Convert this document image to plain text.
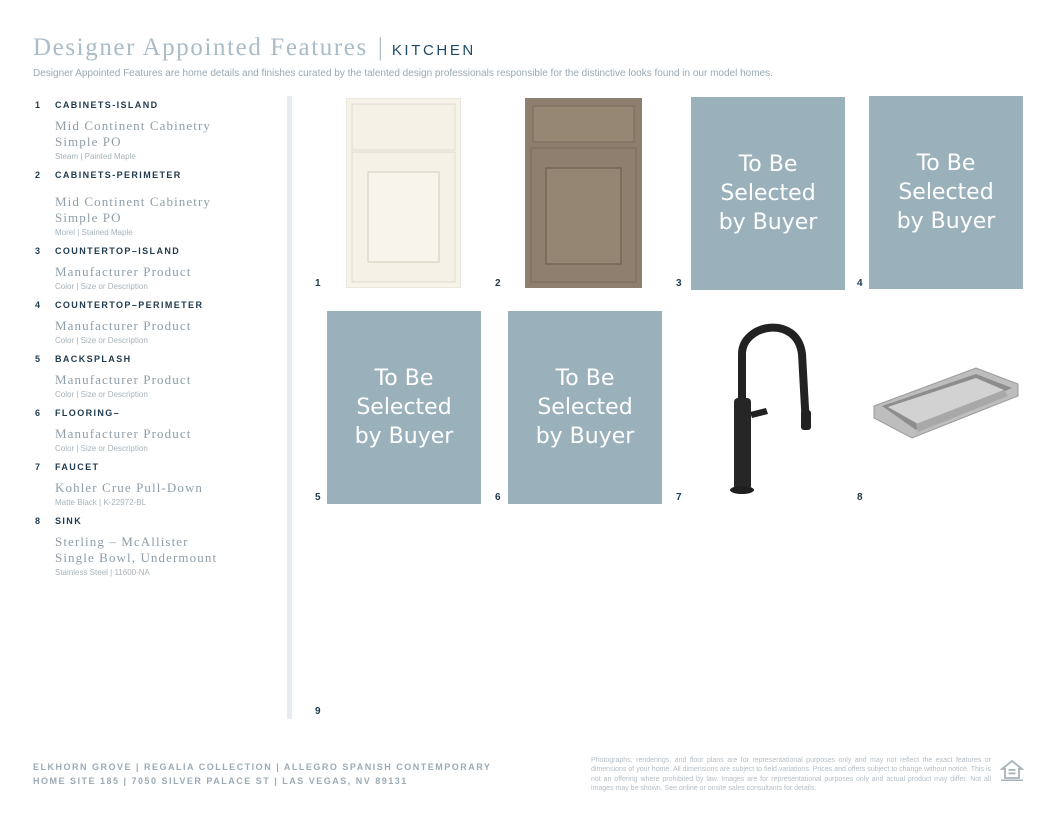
Designer Appointed Features | KITCHEN
Designer Appointed Features are home details and finishes curated by the talented design professionals responsible for the distinctive looks found in our model homes.
1	CABINETS-ISLAND
Mid Continent Cabinetry
Simple PO
Steam | Painted Maple
2	CABINETS-PERIMETER
Mid Continent Cabinetry
Simple PO
Morel | Stained Maple
3	COUNTERTOP–ISLAND
Manufacturer Product
Color | Size or Description
4	COUNTERTOP–PERIMETER
Manufacturer Product
Color | Size or Description
5	BACKSPLASH
Manufacturer Product
Color | Size or Description
6	FLOORING–
Manufacturer Product
Color | Size or Description
7	FAUCET
Kohler Crue Pull-Down
Matte Black | K-22972-BL
8	SINK
Sterling – McAllister
Single Bowl, Undermount
Stainless Steel | 11600-NA
1	2
To Be
Selected
by Buyer
3
To Be
Selected
by Buyer
4
To Be
Selected
by Buyer
5
To Be
Selected
by Buyer
6	7	8
9
ELKHORN GROVE | REGALIA COLLECTION | ALLEGRO SPANISH CONTEMPORARY
HOME SITE 185 | 7050 SILVER PALACE ST | LAS VEGAS, NV 89131
Photographs, renderings, and floor plans are for representational purposes only and may not reflect the exact features or dimensions of your home. All dimensions are subject to field variations. Prices and offers subject to change without notice. This is not an offering where prohibited by law. Images are for representational purposes only and actual product may differ. Not all images may be shown. See online or onsite sales consultants for details.
